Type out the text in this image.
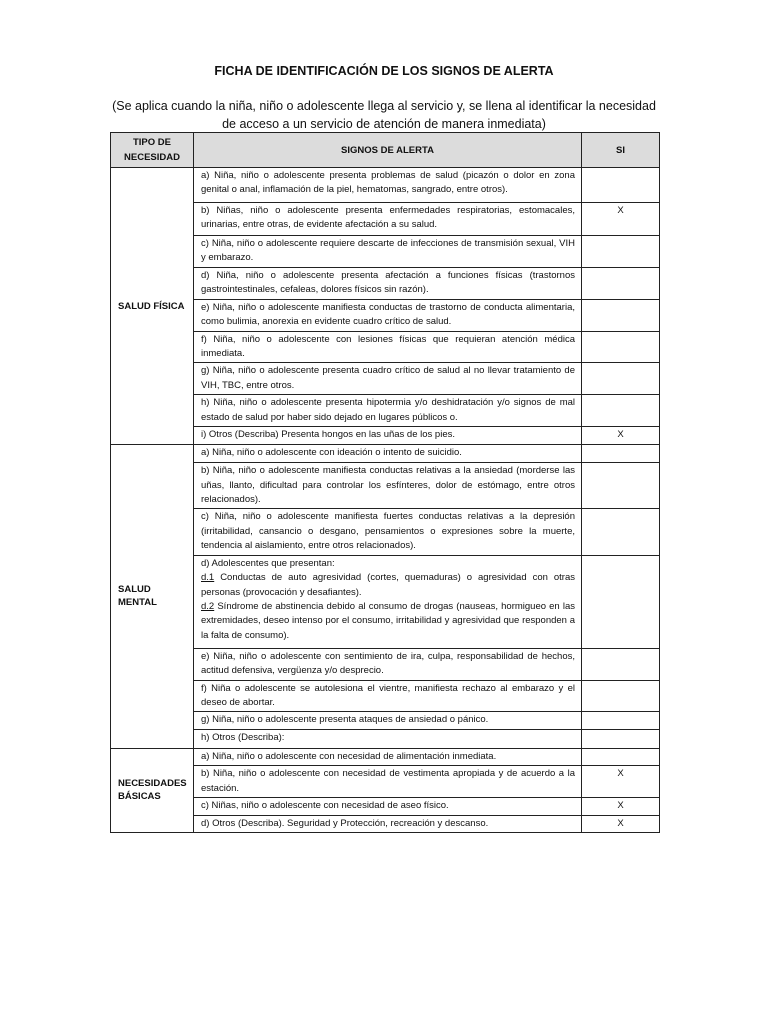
FICHA DE IDENTIFICACIÓN DE LOS SIGNOS DE ALERTA
(Se aplica cuando la niña, niño o adolescente llega al servicio y, se llena al identificar la necesidad de acceso a un servicio de atención de manera inmediata)
TIPO DE NECESIDAD	SIGNOS DE ALERTA	SI
SALUD FÍSICA	a) Niña, niño o adolescente presenta problemas de salud (picazón o dolor en zona genital o anal, inflamación de la piel, hematomas, sangrado, entre otros).	
	b) Niñas, niño o adolescente presenta enfermedades respiratorias, estomacales, urinarias, entre otras, de evidente afectación a su salud.	X
	c) Niña, niño o adolescente requiere descarte de infecciones de transmisión sexual, VIH y embarazo.	
	d) Niña, niño o adolescente presenta afectación a funciones físicas (trastornos gastrointestinales, cefaleas, dolores físicos sin razón).	
	e) Niña, niño o adolescente manifiesta conductas de trastorno de conducta alimentaria, como bulimia, anorexia en evidente cuadro crítico de salud.	
	f) Niña, niño o adolescente con lesiones físicas que requieran atención médica inmediata.	
	g) Niña, niño o adolescente presenta cuadro crítico de salud al no llevar tratamiento de VIH, TBC, entre otros.	
	h) Niña, niño o adolescente presenta hipotermia y/o deshidratación y/o signos de mal estado de salud por haber sido dejado en lugares públicos o.	
	i) Otros (Describa) Presenta hongos en las uñas de los pies.	X
SALUD MENTAL	a) Niña, niño o adolescente con ideación o intento de suicidio.	
	b) Niña, niño o adolescente manifiesta conductas relativas a la ansiedad (morderse las uñas, llanto, dificultad para controlar los esfínteres, dolor de estómago, entre otros relacionados).	
	c) Niña, niño o adolescente manifiesta fuertes conductas relativas a la depresión (irritabilidad, cansancio o desgano, pensamientos o expresiones sobre la muerte, tendencia al aislamiento, entre otros relacionados).	

	d) Adolescentes que presentan:
d.1 Conductas de auto agresividad (cortes, quemaduras) o agresividad con otras personas (provocación y desafiantes).
d.2 Síndrome de abstinencia debido al consumo de drogas (nauseas, hormigueo en las extremidades, deseo intenso por el consumo, irritabilidad y agresividad que responden a la falta de consumo).	

	e) Niña, niño o adolescente con sentimiento de ira, culpa, responsabilidad de hechos, actitud defensiva, vergüenza y/o desprecio.	
	f) Niña o adolescente se autolesiona el vientre, manifiesta rechazo al embarazo y el deseo de abortar.	
	g) Niña, niño o adolescente presenta ataques de ansiedad o pánico.	
	h) Otros (Describa):	
NECESIDADES BÁSICAS	a) Niña, niño o adolescente con necesidad de alimentación inmediata.	
	b) Niña, niño o adolescente con necesidad de vestimenta apropiada y de acuerdo a la estación.	X
	c) Niñas, niño o adolescente con necesidad de aseo físico.	X
	d) Otros (Describa). Seguridad y Protección, recreación y descanso.	X
